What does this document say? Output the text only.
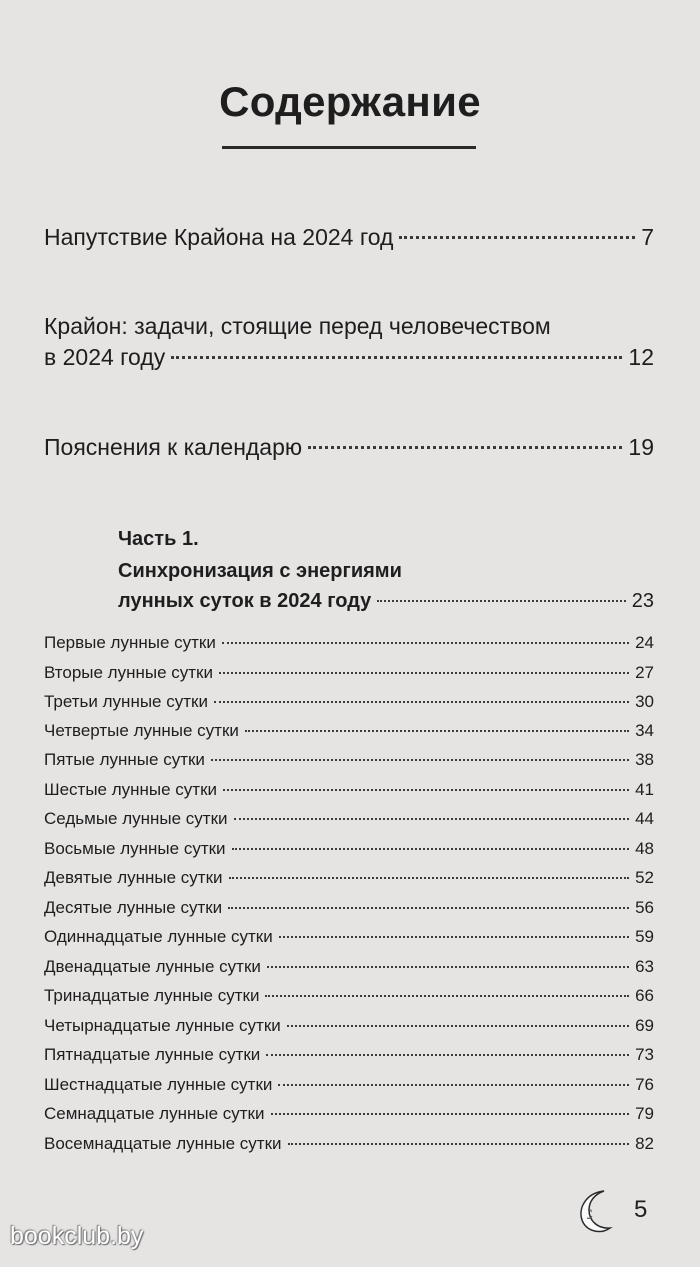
Содержание
Напутствие Крайона на 2024 год	7
Крайон: задачи, стоящие перед человечеством
в 2024 году	12
Пояснения к календарю	19
Часть 1.
Синхронизация с энергиями
лунных суток в 2024 году	23
Первые лунные сутки	24
Вторые лунные сутки	27
Третьи лунные сутки	30
Четвертые лунные сутки	34
Пятые лунные сутки	38
Шестые лунные сутки	41
Седьмые лунные сутки	44
Восьмые лунные сутки	48
Девятые лунные сутки	52
Десятые лунные сутки	56
Одиннадцатые лунные сутки	59
Двенадцатые лунные сутки	63
Тринадцатые лунные сутки	66
Четырнадцатые лунные сутки	69
Пятнадцатые лунные сутки	73
Шестнадцатые лунные сутки	76
Семнадцатые лунные сутки	79
Восемнадцатые лунные сутки	82
5
bookclub.by
